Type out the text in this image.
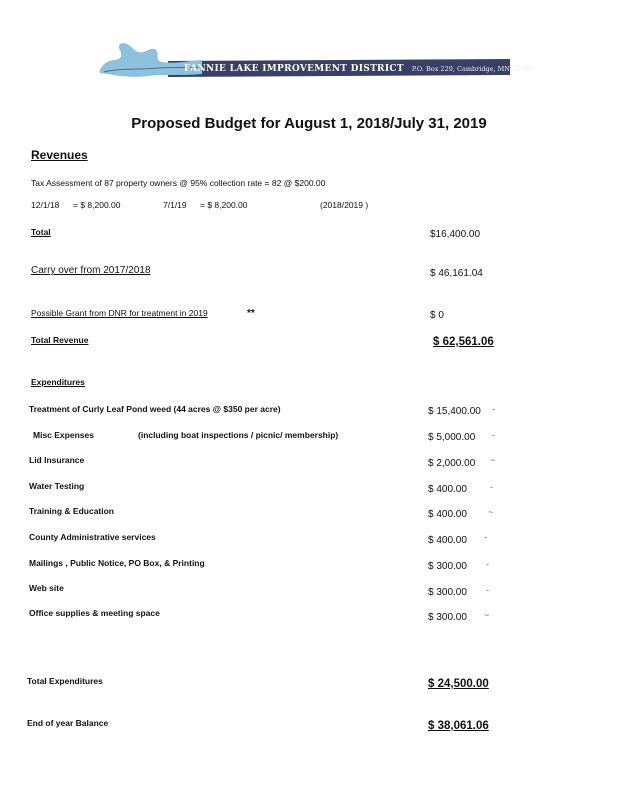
FANNIE LAKE IMPROVEMENT DISTRICT P.O. Box 229, Cambridge, MN 55008
Proposed Budget for August 1, 2018/July 31, 2019
Revenues
Tax Assessment of 87 property owners @ 95% collection rate = 82 @ $200.00
12/1/18 = $ 8,200.00	7/1/19 = $ 8,200.00	(2018/2019 )
Total	$16,400.00
Carry over from 2017/2018	$ 46,161.04
Possible Grant from DNR for treatment in 2019	**	$ 0
Total Revenue	$ 62,561.06
Expenditures
Treatment of Curly Leaf Pond weed (44 acres @ $350 per acre)	$ 15,400.00 -
Misc Expenses	(including boat inspections / picnic/ membership)	$ 5,000.00 -
Lid Insurance	$ 2,000.00 ~
Water Testing	$ 400.00	-
Training & Education	$ 400.00 ~
County Administrative services	$ 400.00 -
Mailings , Public Notice, PO Box, & Printing	$ 300.00 -
Web site	$ 300.00 -
Office supplies & meeting space	$ 300.00 ~
Total Expenditures	$ 24,500.00
End of year Balance	$ 38,061.06
